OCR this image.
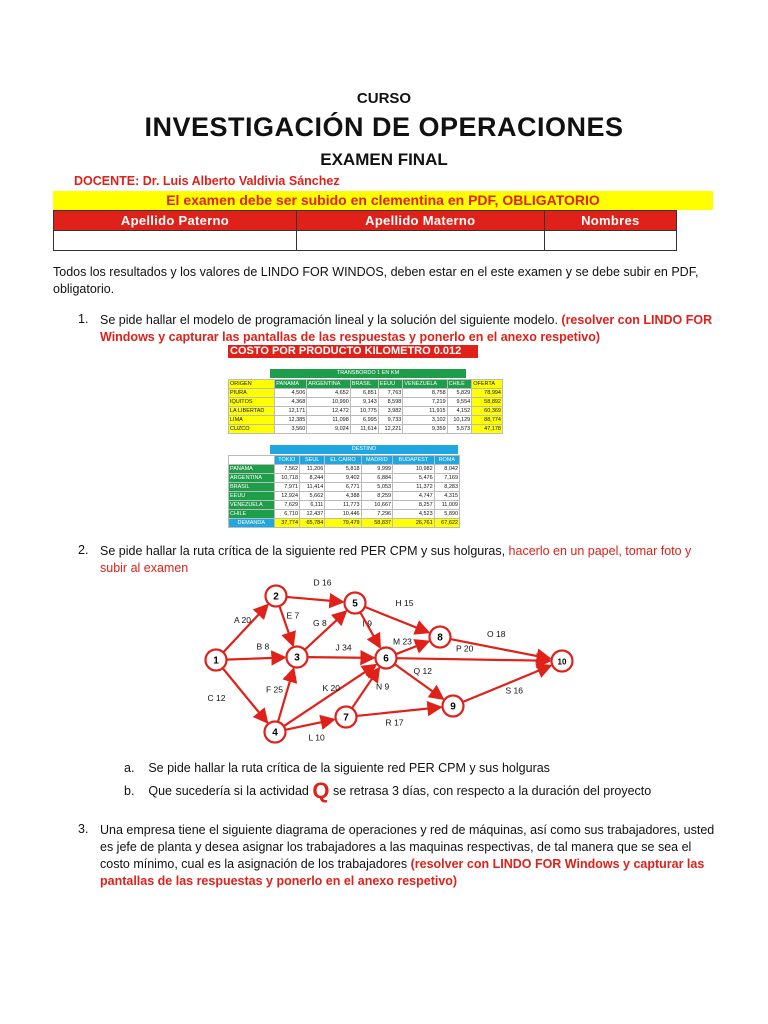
CURSO
INVESTIGACIÓN DE OPERACIONES
EXAMEN FINAL
DOCENTE: Dr. Luis Alberto Valdivia Sánchez
El examen debe ser subido en clementina en PDF, OBLIGATORIO
Apellido Paterno	Apellido Materno	Nombres

Todos los resultados y los valores de LINDO FOR WINDOS, deben estar en el este examen y se debe subir en PDF, obligatorio.
1. Se pide hallar el modelo de programación lineal y la solución del siguiente modelo. (resolver con LINDO FOR Windows y capturar las pantallas de las respuestas y ponerlo en el anexo respetivo)
COSTO POR PRODUCTO KILOMETRO 0.012 SOLES
TRANSBORDO 1 EN KM
ORIGEN	PANAMA	ARGENTINA	BRASIL	EEUU	VENEZUELA	CHILE	OFERTA
PIURA	4,506	4,652	6,851	7,763	8,758	5,829	78,994
IQUITOS	4,368	10,990	9,143	8,598	7,219	9,554	58,892
LA LIBERTAD	12,171	12,472	10,775	3,982	11,915	4,152	60,369
LIMA	12,385	11,098	6,995	9,733	3,102	10,129	88,774
CUZCO	3,560	9,024	11,614	12,221	9,359	5,573	47,178
DESTINO
	TOKIO	SEUL	EL CAIRO	MADRID	BUDAPEST	ROMA
PANAMA	7,562	11,206	5,818	9,999	10,982	8,042
ARGENTINA	10,718	8,244	9,402	6,884	5,476	7,169
BRASIL	7,971	11,414	6,771	5,053	11,372	8,283
EEUU	12,924	5,662	4,388	8,259	4,747	4,315
VENEZUELA	7,629	6,111	11,773	10,667	8,257	11,009
CHILE	6,710	12,437	10,446	7,296	4,523	5,890
DEMANDA	37,774	65,784	79,479	58,837	26,761	67,622
2. Se pide hallar la ruta crítica de la siguiente red PER CPM y sus holguras, hacerlo en un papel, tomar foto y subir al examen
1
2
3
4
5
6
7
8
9
10
A 20
B 8
C 12
D 16
E 7
F 25
G 8
H 15
I 9
J 34
K 20
L 10
M 23
N 9
O 18
P 20
Q 12
R 17
S 16
a. Se pide hallar la ruta crítica de la siguiente red PER CPM y sus holguras
b. Que sucedería si la actividad Q se retrasa 3 días, con respecto a la duración del proyecto
3. Una empresa tiene el siguiente diagrama de operaciones y red de máquinas, así como sus trabajadores, usted es jefe de planta y desea asignar los trabajadores a las maquinas respectivas, de tal manera que se sea el costo mínimo, cual es la asignación de los trabajadores (resolver con LINDO FOR Windows y capturar las pantallas de las respuestas y ponerlo en el anexo respetivo)
